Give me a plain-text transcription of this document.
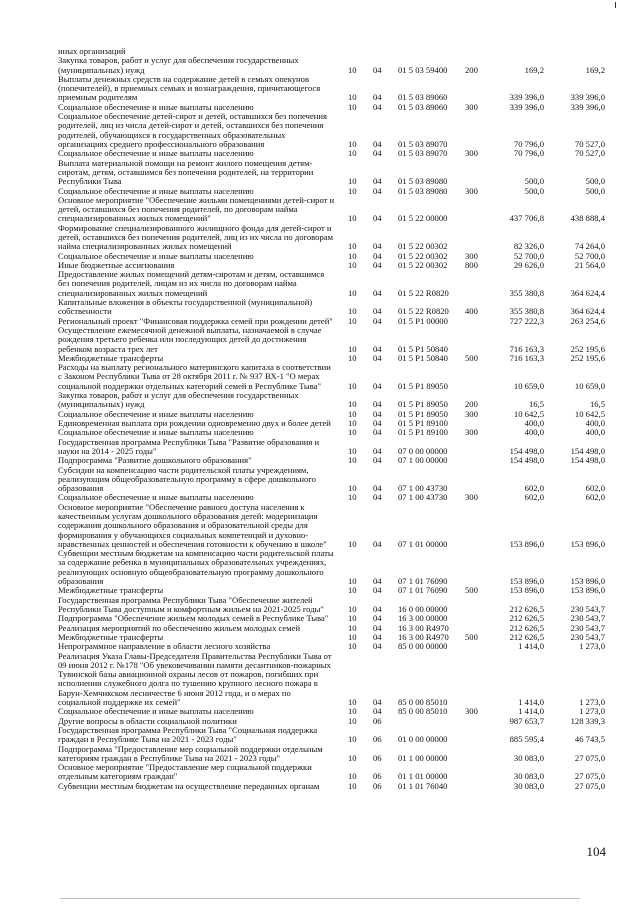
иных организаций
Закупка товаров, работ и услуг для обеспечения государственных
(муниципальных) нужд	10 04 01 5 03 59400 200	169,2	169,2
Выплаты денежных средств на содержание детей в семьях опекунов
(попечителей), в приемных семьях и вознаграждения, причитающегося
приемным родителям	10 04 01 5 03 89060	339 396,0	339 396,0
Социальное обеспечение и иные выплаты населению	10 04 01 5 03 89060 300	339 396,0	339 396,0
Социальное обеспечение детей-сирот и детей, оставшихся без попечения
родителей, лиц из числа детей-сирот и детей, оставшихся без попечения
родителей, обучающихся в государственных образовательных
организациях среднего профессионального образования	10 04 01 5 03 89070	70 796,0	70 527,0
Социальное обеспечение и иные выплаты населению	10 04 01 5 03 89070 300	70 796,0	70 527,0
Выплата материальной помощи на ремонт жилого помещения детям-
сиротам, детям, оставшимся без попечения родителей, на территории
Республики Тыва	10 04 01 5 03 89080	500,0	500,0
Социальное обеспечение и иные выплаты населению	10 04 01 5 03 89080 300	500,0	500,0
Основное мероприятие "Обеспечение жильми помещениями детей-сирот и
детей, оставшихся без попечения родителей, по договорам найма
специализированных жилых помещений"	10 04 01 5 22 00000	437 706,8	438 888,4
Формирование специализированного жилищного фонда для детей-сирот и
детей, оставшихся без попечения родителей, лиц из их числа по договорам
найма специализированных жилых помещений	10 04 01 5 22 00302	82 326,0	74 264,0
Социальное обеспечение и иные выплаты населению	10 04 01 5 22 00302 300	52 700,0	52 700,0
Иные бюджетные ассигнования	10 04 01 5 22 00302 800	29 626,0	21 564,0
Предоставление жилых помещений детям-сиротам и детям, оставшимся
без попечения родителей, лицам из их числа по договорам найма
специализированных жилых помещений	10 04 01 5 22 R0820	355 380,8	364 624,4
Капитальные вложения в объекты государственной (муниципальной)
собственности	10 04 01 5 22 R0820 400	355 380,8	364 624,4
Региональный проект "Финансовая поддержка семей при рождении детей"	10 04 01 5 P1 00000	727 222,3	263 254,6
Осуществление ежемесячной денежной выплаты, назначаемой в случае
рождения третьего ребенка или последующих детей до достижения
ребенком возраста трех лет	10 04 01 5 P1 50840	716 163,3	252 195,6
Межбюджетные трансферты	10 04 01 5 P1 50840 500	716 163,3	252 195,6
Расходы на выплату регионального материнского капитала в соответствии
с Законом Республики Тыва от 28 октября 2011 г. № 937 ВХ-1 "О мерах
социальной поддержки отдельных категорий семей в Республике Тыва"	10 04 01 5 P1 89050	10 659,0	10 659,0
Закупка товаров, работ и услуг для обеспечения государственных
(муниципальных) нужд	10 04 01 5 P1 89050 200	16,5	16,5
Социальное обеспечение и иные выплаты населению	10 04 01 5 P1 89050 300	10 642,5	10 642,5
Единовременная выплата при рождении одновременно двух и более детей	10 04 01 5 P1 89100	400,0	400,0
Социальное обеспечение и иные выплаты населению	10 04 01 5 P1 89100 300	400,0	400,0
Государственная программа Республики Тыва "Развитие образования и
науки на 2014 - 2025 годы"	10 04 07 0 00 00000	154 498,0	154 498,0
Подпрограмма "Развитие дошкольного образования"	10 04 07 1 00 00000	154 498,0	154 498,0
Субсидии на компенсацию части родительской платы учреждениям,
реализующим общеобразовательную программу в сфере дошкольного
образования	10 04 07 1 00 43730	602,0	602,0
Социальное обеспечение и иные выплаты населению	10 04 07 1 00 43730 300	602,0	602,0
Основное мероприятие "Обеспечение равного доступа населения к
качественным услугам дошкольного образования детей: модернизация
содержания дошкольного образования и образовательной среды для
формирования у обучающихся социальных компетенций и духовно-
нравственных ценностей и обеспечения готовности к обучению в школе"	10 04 07 1 01 00000	153 896,0	153 896,0
Субвенции местным бюджетам на компенсацию части родительской платы
за содержание ребенка в муниципальных образовательных учреждениях,
реализующих основную общеобразовательную программу дошкольного
образования	10 04 07 1 01 76090	153 896,0	153 896,0
Межбюджетные трансферты	10 04 07 1 01 76090 500	153 896,0	153 896,0
Государственная программа Республики Тыва "Обеспечение жителей
Республики Тыва доступным и комфортным жильем на 2021-2025 годы"	10 04 16 0 00 00000	212 626,5	230 543,7
Подпрограмма "Обеспечение жильем молодых семей в Республике Тыва"	10 04 16 3 00 00000	212 626,5	230 543,7
Реализация мероприятий по обеспечению жильем молодых семей	10 04 16 3 00 R4970	212 626,5	230 543,7
Межбюджетные трансферты	10 04 16 3 00 R4970 500	212 626,5	230 543,7
Непрограммное направление в области лесного хозяйства	10 04 85 0 00 00000	1 414,0	1 273,0
Реализация Указа Главы-Председателя Правительства Республики Тыва от
09 июня 2012 г. №178 "Об увековечивании памяти десантников-пожарных
Тувинской базы авиационной охраны лесов от пожаров, погибших при
исполнении служебного долга по тушению крупного лесного пожара в
Барун-Хемчикском лесничестве 6 июня 2012 года, и о мерах по
социальной поддержке их семей"	10 04 85 0 00 85010	1 414,0	1 273,0
Социальное обеспечение и иные выплаты населению	10 04 85 0 00 85010 300	1 414,0	1 273,0
Другие вопросы в области социальной политики	10 06	987 653,7	128 339,3
Государственная программа Республики Тыва "Социальная поддержка
граждан в Республике Тыва на 2021 - 2023 годы"	10 06 01 0 00 00000	885 595,4	46 743,5
Подпрограмма "Предоставление мер социальной поддержки отдельным
категориям граждан в Республике Тыва на 2021 - 2023 годы"	10 06 01 1 00 00000	30 083,0	27 075,0
Основное мероприятие "Предоставление мер социальной поддержки
отдельным категориям граждан"	10 06 01 1 01 00000	30 083,0	27 075,0
Субвенции местным бюджетам на осуществление переданных органам	10 06 01 1 01 76040	30 083,0	27 075,0
104
